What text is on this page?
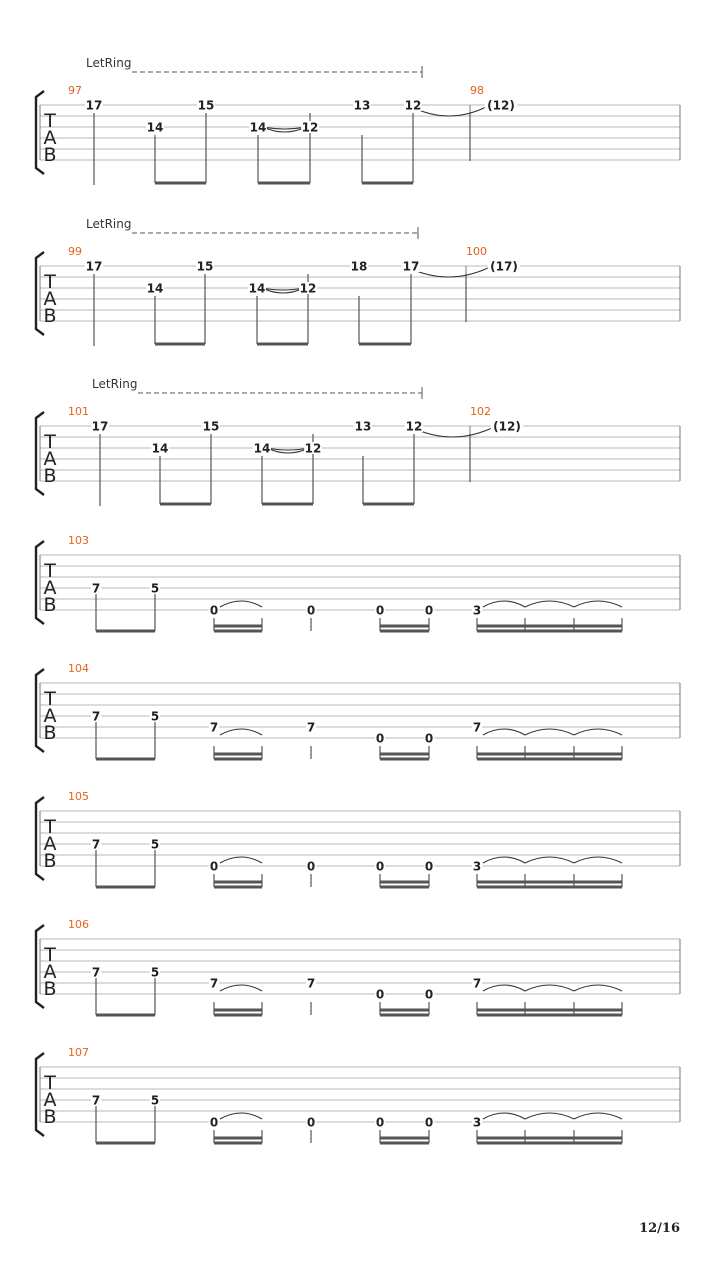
T
A
B
97	98
LetRing
17
14
15
14	12
13	12	(12)
T
A
B
99	100
LetRing
17
14
15
14	12
18	17	(17)
T
A
B
101	102
LetRing
17
14
15
14	12
13	12	(12)
T
A
B
103
7	5
0	0	0	0	3
T
A
B
104
7	5
7	7
0	0
7
T
A
B
105
7	5
0	0	0	0	3
T
A
B
106
7	5
7	7
0	0
7
T
A
B
107
7	5
0	0	0	0	3
12/16
